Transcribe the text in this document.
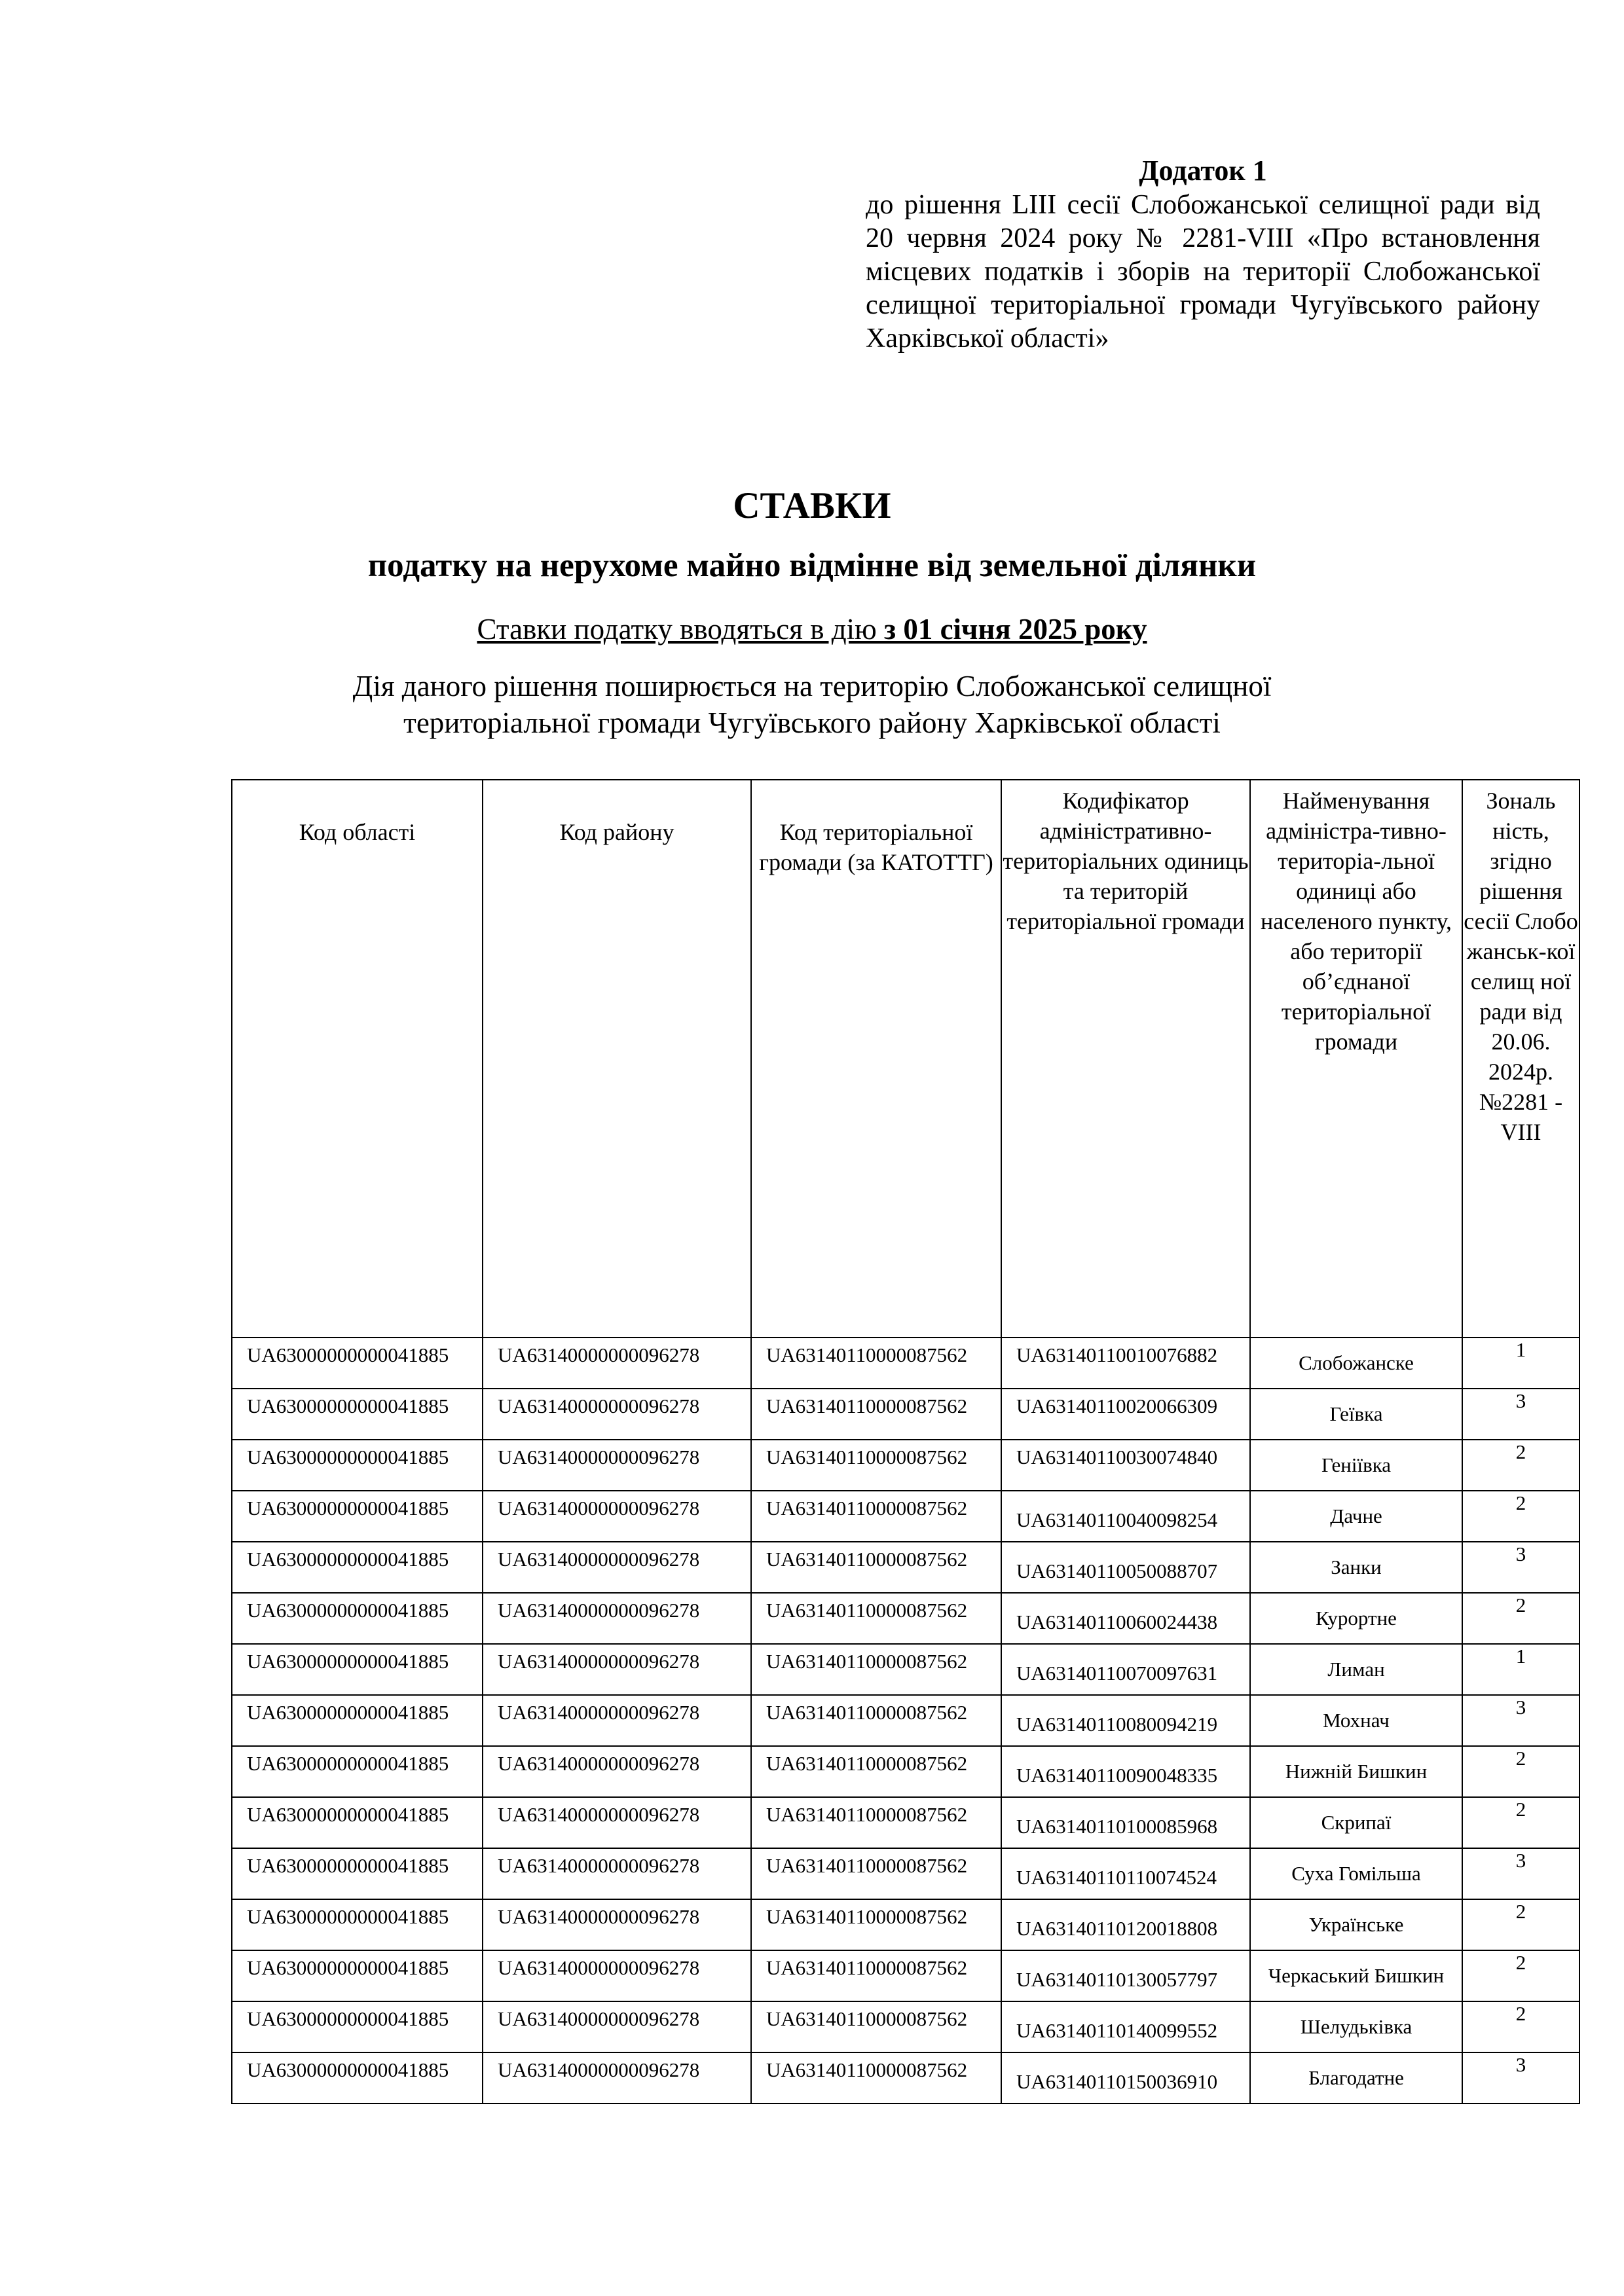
Додаток 1
до рішення LIII сесії Слобожанської селищної ради від 20 червня 2024 року № 2281-VIII «Про встановлення місцевих податків і зборів на території Слобожанської селищної територіальної громади Чугуївського району Харківської області»
СТАВКИ
податку на нерухоме майно відмінне від земельної ділянки
Ставки податку вводяться в дію з 01 січня 2025 року
Дія даного рішення поширюється на територію Слобожанської селищної
територіальної громади Чугуївського району Харківської області
Код області	Код району	Код територіальної громади (за КАТОТТГ)	Кодифікатор адміністративно-територіальних одиниць та територій територіальної громади	Найменування адміністра-тивно-територіа-льної одиниці або населеного пункту, або території об’єднаної територіальної громади	Зональ ність, згідно рішення сесії Слобо жанськ-кої селищ ної ради від 20.06. 2024р. №2281 -VIII

UA63000000000041885	UA63140000000096278	UA63140110000087562	UA63140110010076882	Слобожанске	1

UA63000000000041885	UA63140000000096278	UA63140110000087562	UA63140110020066309	Геївка	3

UA63000000000041885	UA63140000000096278	UA63140110000087562	UA63140110030074840	Геніївка	2

UA63000000000041885	UA63140000000096278	UA63140110000087562	UA63140110040098254	Дачне	2

UA63000000000041885	UA63140000000096278	UA63140110000087562	UA63140110050088707	Занки	3

UA63000000000041885	UA63140000000096278	UA63140110000087562	UA63140110060024438	Курортне	2

UA63000000000041885	UA63140000000096278	UA63140110000087562	UA63140110070097631	Лиман	1

UA63000000000041885	UA63140000000096278	UA63140110000087562	UA63140110080094219	Мохнач	3

UA63000000000041885	UA63140000000096278	UA63140110000087562	UA63140110090048335	Нижній Бишкин	2

UA63000000000041885	UA63140000000096278	UA63140110000087562	UA63140110100085968	Скрипаї	2

UA63000000000041885	UA63140000000096278	UA63140110000087562	UA63140110110074524	Суха Гомільша	3

UA63000000000041885	UA63140000000096278	UA63140110000087562	UA63140110120018808	Українське	2

UA63000000000041885	UA63140000000096278	UA63140110000087562	UA63140110130057797	Черкаський Бишкин	2

UA63000000000041885	UA63140000000096278	UA63140110000087562	UA63140110140099552	Шелудьківка	2

UA63000000000041885	UA63140000000096278	UA63140110000087562	UA63140110150036910	Благодатне	3
